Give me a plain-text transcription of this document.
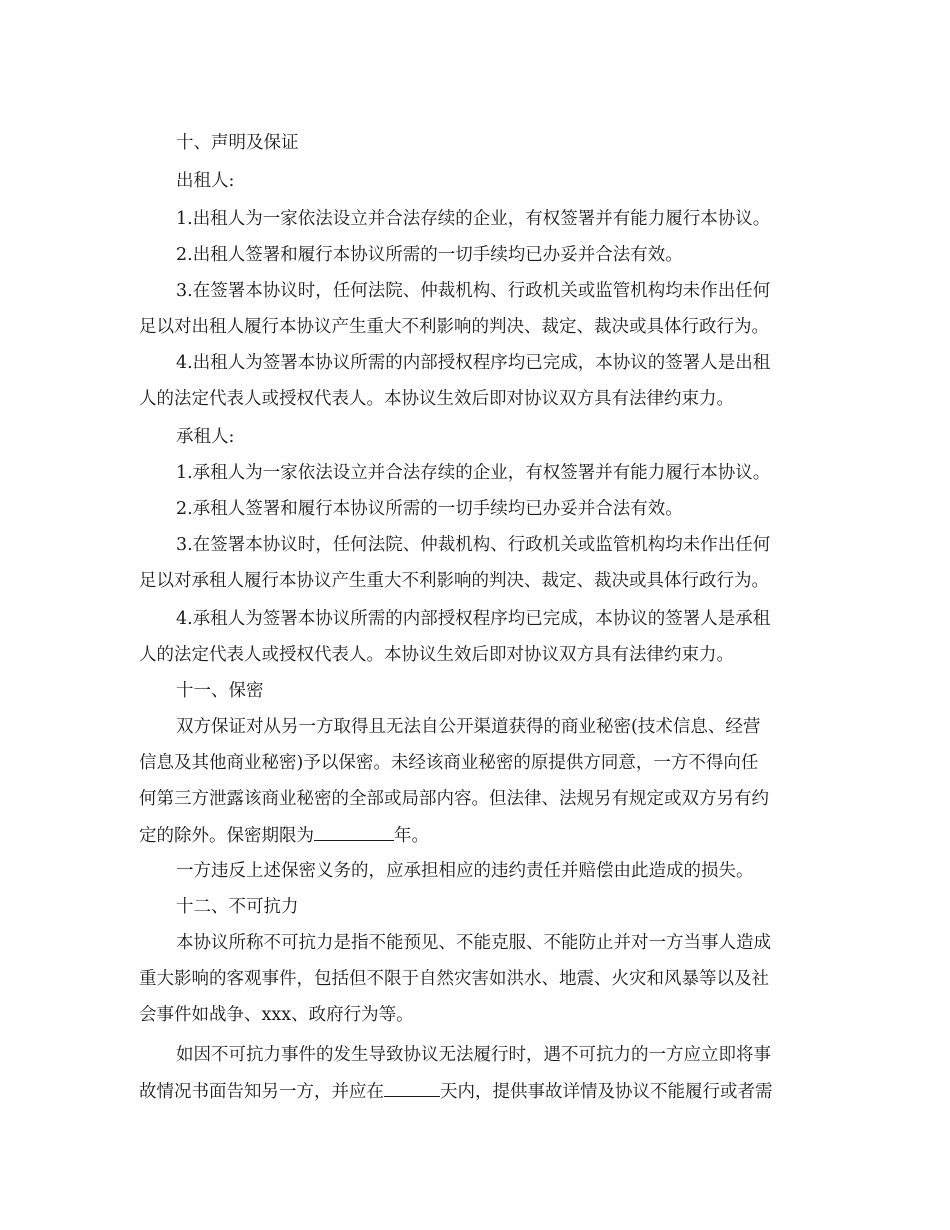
十、声明及保证
出租人:
1.出租人为一家依法设立并合法存续的企业，有权签署并有能力履行本协议。
2.出租人签署和履行本协议所需的一切手续均已办妥并合法有效。
3.在签署本协议时，任何法院、仲裁机构、行政机关或监管机构均未作出任何
足以对出租人履行本协议产生重大不利影响的判决、裁定、裁决或具体行政行为。
4.出租人为签署本协议所需的内部授权程序均已完成，本协议的签署人是出租
人的法定代表人或授权代表人。本协议生效后即对协议双方具有法律约束力。
承租人:
1.承租人为一家依法设立并合法存续的企业，有权签署并有能力履行本协议。
2.承租人签署和履行本协议所需的一切手续均已办妥并合法有效。
3.在签署本协议时，任何法院、仲裁机构、行政机关或监管机构均未作出任何
足以对承租人履行本协议产生重大不利影响的判决、裁定、裁决或具体行政行为。
4.承租人为签署本协议所需的内部授权程序均已完成，本协议的签署人是承租
人的法定代表人或授权代表人。本协议生效后即对协议双方具有法律约束力。
十一、保密
双方保证对从另一方取得且无法自公开渠道获得的商业秘密(技术信息、经营
信息及其他商业秘密)予以保密。未经该商业秘密的原提供方同意，一方不得向任
何第三方泄露该商业秘密的全部或局部内容。但法律、法规另有规定或双方另有约
定的除外。保密期限为	年。
一方违反上述保密义务的，应承担相应的违约责任并赔偿由此造成的损失。
十二、不可抗力
本协议所称不可抗力是指不能预见、不能克服、不能防止并对一方当事人造成
重大影响的客观事件，包括但不限于自然灾害如洪水、地震、火灾和风暴等以及社
会事件如战争、xxx、政府行为等。
如因不可抗力事件的发生导致协议无法履行时，遇不可抗力的一方应立即将事
故情况书面告知另一方，并应在	天内，提供事故详情及协议不能履行或者需
